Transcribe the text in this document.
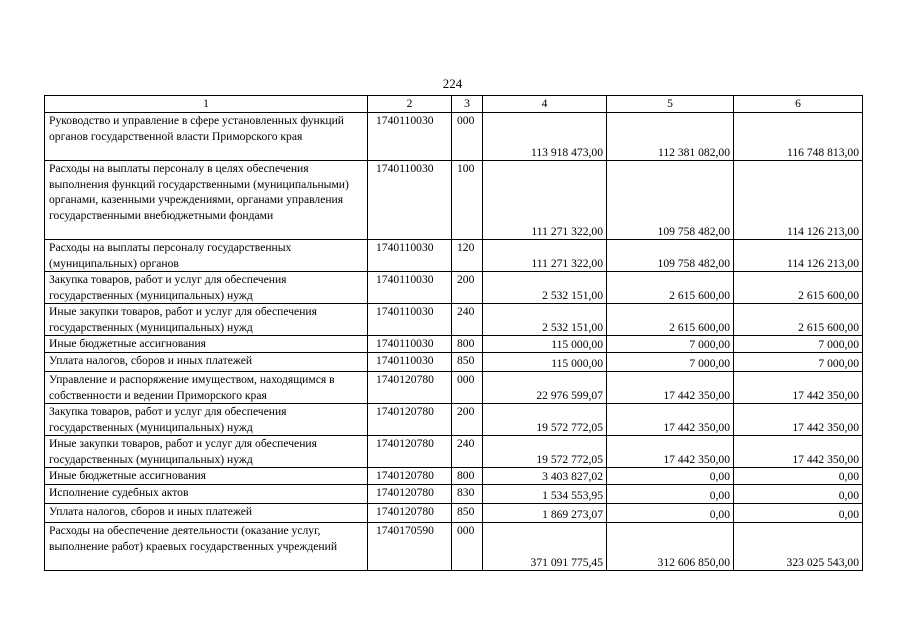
224
1	2	3	4	5	6
Руководство и управление в сфере установленных функций органов государственной власти Приморского края	1740110030	000	113 918 473,00	112 381 082,00	116 748 813,00
Расходы на выплаты персоналу в целях обеспечения выполнения функций государственными (муниципальными) органами, казенными учреждениями, органами управления государственными внебюджетными фондами	1740110030	100	111 271 322,00	109 758 482,00	114 126 213,00
Расходы на выплаты персоналу государственных (муниципальных) органов	1740110030	120	111 271 322,00	109 758 482,00	114 126 213,00
Закупка товаров, работ и услуг для обеспечения государственных (муниципальных) нужд	1740110030	200	2 532 151,00	2 615 600,00	2 615 600,00
Иные закупки товаров, работ и услуг для обеспечения государственных (муниципальных) нужд	1740110030	240	2 532 151,00	2 615 600,00	2 615 600,00
Иные бюджетные ассигнования	1740110030	800	115 000,00	7 000,00	7 000,00
Уплата налогов, сборов и иных платежей	1740110030	850	115 000,00	7 000,00	7 000,00
Управление и распоряжение имуществом, находящимся в собственности и ведении Приморского края	1740120780	000	22 976 599,07	17 442 350,00	17 442 350,00
Закупка товаров, работ и услуг для обеспечения государственных (муниципальных) нужд	1740120780	200	19 572 772,05	17 442 350,00	17 442 350,00
Иные закупки товаров, работ и услуг для обеспечения государственных (муниципальных) нужд	1740120780	240	19 572 772,05	17 442 350,00	17 442 350,00
Иные бюджетные ассигнования	1740120780	800	3 403 827,02	0,00	0,00
Исполнение судебных актов	1740120780	830	1 534 553,95	0,00	0,00
Уплата налогов, сборов и иных платежей	1740120780	850	1 869 273,07	0,00	0,00
Расходы на обеспечение деятельности (оказание услуг, выполнение работ) краевых государственных учреждений	1740170590	000	371 091 775,45	312 606 850,00	323 025 543,00
